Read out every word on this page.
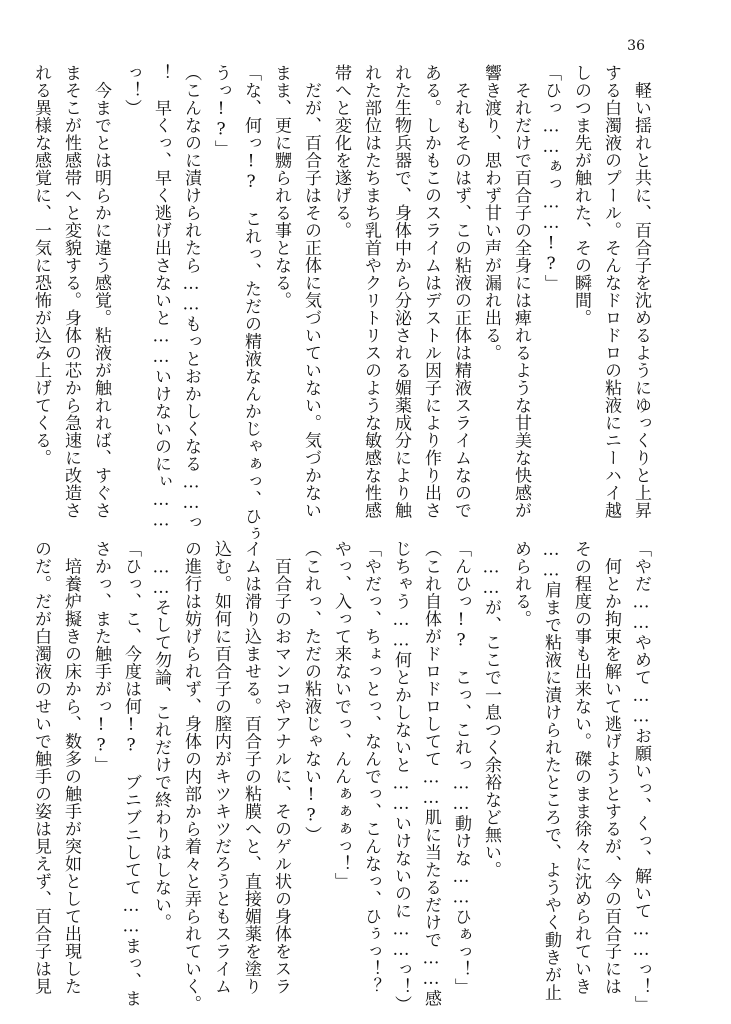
36
　軽い揺れと共に、百合子を沈めるようにゆっくりと上昇
する白濁液のプール。そんなドロドロの粘液にニーハイ越
しのつま先が触れた、その瞬間。
「ひっ……ぁっ……!?」
　それだけで百合子の全身には痺れるような甘美な快感が
響き渡り、思わず甘い声が漏れ出る。
　それもそのはず、この粘液の正体は精液スライムなので
ある。しかもこのスライムはデストル因子により作り出さ
れた生物兵器で、身体中から分泌される媚薬成分により触
れた部位はたちまち乳首やクリトリスのような敏感な性感
帯へと変化を遂げる。
　だが、百合子はその正体に気づいていない。気づかない
まま、更に嬲られる事となる。
「な、何っ!?　これっ、ただの精液なんかじゃぁっ、ひぅ
うっ!?」
（こんなのに漬けられたら……もっとおかしくなる……っ
！　早くっ、早く逃げ出さないと……いけないのにぃ……
っ！）
　今までとは明らかに違う感覚。粘液が触れれば、すぐさ
まそこが性感帯へと変貌する。身体の芯から急速に改造さ
れる異様な感覚に、一気に恐怖が込み上げてくる。
「やだ……やめて……お願いっ、くっ、解いて……っ！」
　何とか拘束を解いて逃げようとするが、今の百合子には
その程度の事も出来ない。磔のまま徐々に沈められていき
……肩まで粘液に漬けられたところで、ようやく動きが止
められる。
　……が、ここで一息つく余裕など無い。
「んひっ!?　こっ、これっ……動けな……ひぁっ！」
（これ自体がドロドロしてて……肌に当たるだけで……感
じちゃう……何とかしないと……いけないのに……っ！）
「やだっ、ちょっとっ、なんでっ、こんなっ、ひぅっ！？
やっ、入って来ないでっ、んんぁぁぁっ！」
（これっ、ただの粘液じゃない!?）
　百合子のおマンコやアナルに、そのゲル状の身体をスラ
イムは滑り込ませる。百合子の粘膜へと、直接媚薬を塗り
込む。如何に百合子の膣内がキツキツだろうともスライム
の進行は妨げられず、身体の内部から着々と弄られていく。
　……そして勿論、これだけで終わりはしない。
「ひっ、こ、今度は何!?　ブニブニしてて……まっ、ま
さかっ、また触手がっ!?」
　培養炉擬きの床から、数多の触手が突如として出現した
のだ。だが白濁液のせいで触手の姿は見えず、百合子は見
